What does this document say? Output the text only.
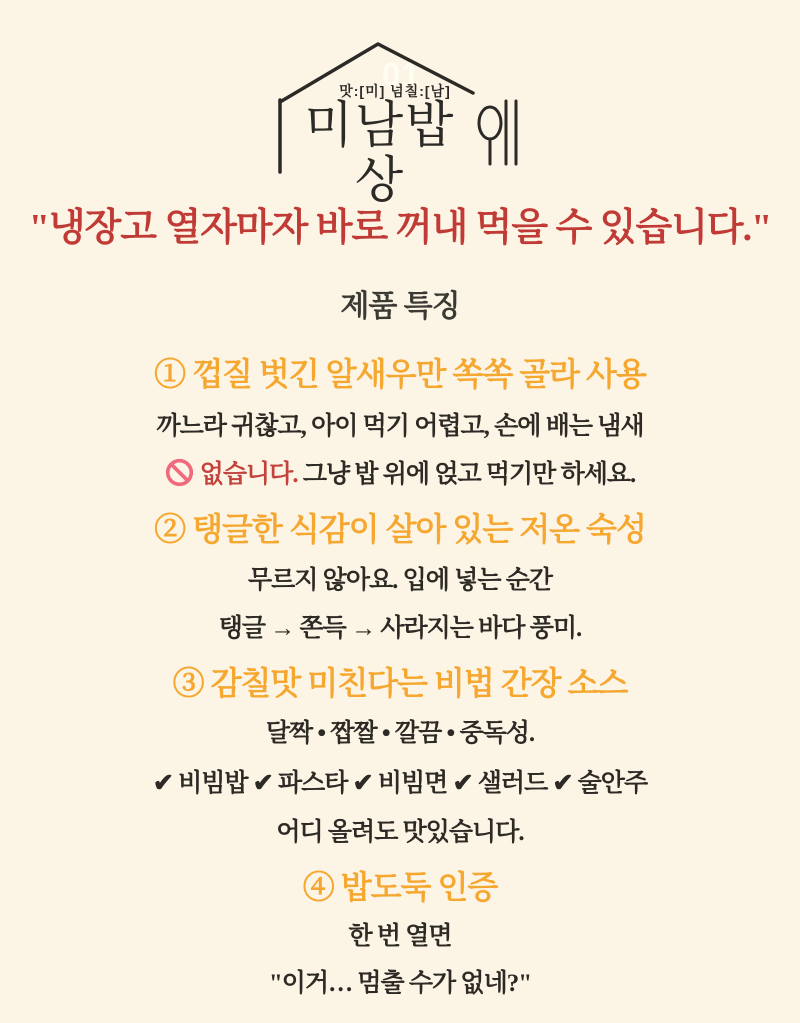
01
맛:[미] 넘칠:[남]
미남밥상
"냉장고 열자마자 바로 꺼내 먹을 수 있습니다."
제품 특징
① 껍질 벗긴 알새우만 쏙쏙 골라 사용

까느라 귀찮고, 아이 먹기 어렵고, 손에 배는 냄새

없습니다. 그냥 밥 위에 얹고 먹기만 하세요.

② 탱글한 식감이 살아 있는 저온 숙성

무르지 않아요. 입에 넣는 순간

탱글 → 쫀득 → 사라지는 바다 풍미.

③ 감칠맛 미친다는 비법 간장 소스

달짝 • 짭짤 • 깔끔 • 중독성.

✔ 비빔밥 ✔ 파스타 ✔ 비빔면 ✔ 샐러드 ✔ 술안주

어디 올려도 맛있습니다.

④ 밥도둑 인증

한 번 열면

"이거… 멈출 수가 없네?"
